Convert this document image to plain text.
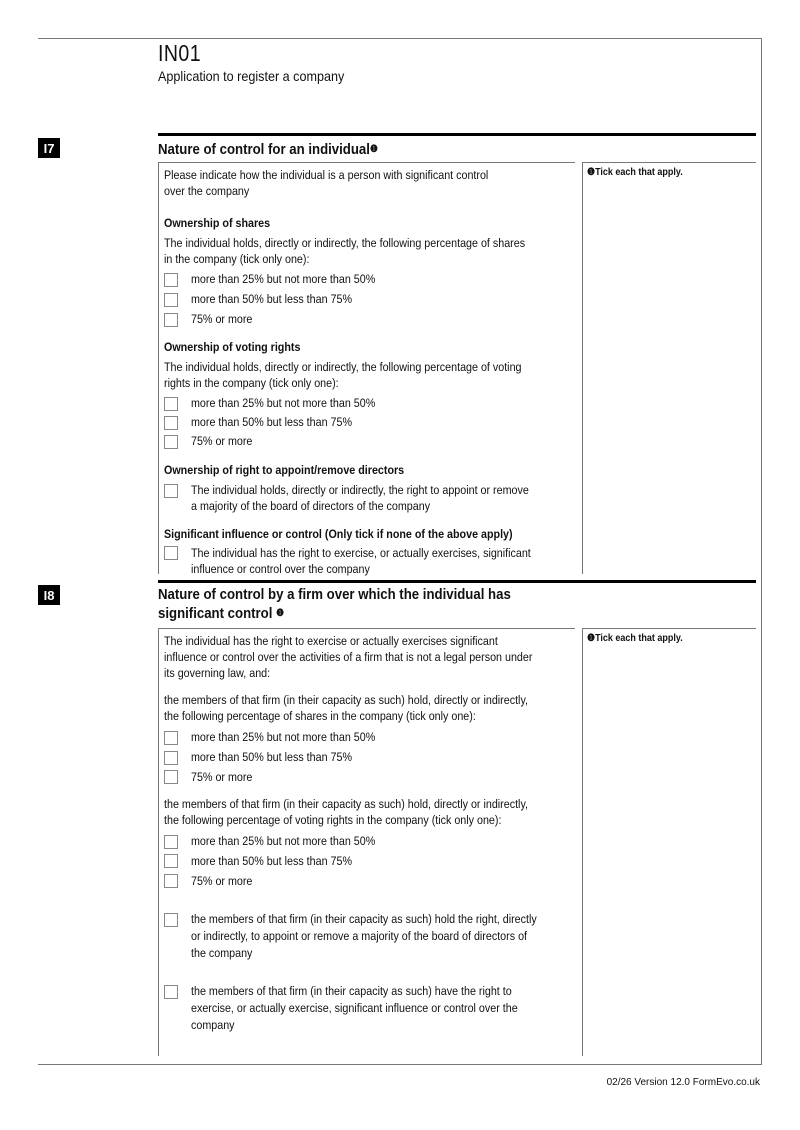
IN01
Application to register a company
I7	Nature of control for an individual$^❶$
❶Tick each that apply.
Please indicate how the individual is a person with significant control
over the company
Ownership of shares
The individual holds, directly or indirectly, the following percentage of shares
in the company (tick only one):
more than 25% but not more than 50%
more than 50% but less than 75%
75% or more
Ownership of voting rights
The individual holds, directly or indirectly, the following percentage of voting
rights in the company (tick only one):
more than 25% but not more than 50%
more than 50% but less than 75%
75% or more
Ownership of right to appoint/remove directors
The individual holds, directly or indirectly, the right to appoint or remove
a majority of the board of directors of the company
Significant influence or control (Only tick if none of the above apply)
The individual has the right to exercise, or actually exercises, significant
influence or control over the company
I8	Nature of control by a firm over which the individual has
significant control $^❶$
❶Tick each that apply.
The individual has the right to exercise or actually exercises significant
influence or control over the activities of a firm that is not a legal person under
its governing law, and:
the members of that firm (in their capacity as such) hold, directly or indirectly,
the following percentage of shares in the company (tick only one):
more than 25% but not more than 50%
more than 50% but less than 75%
75% or more
the members of that firm (in their capacity as such) hold, directly or indirectly,
the following percentage of voting rights in the company (tick only one):
more than 25% but not more than 50%
more than 50% but less than 75%
75% or more
the members of that firm (in their capacity as such) hold the right, directly
or indirectly, to appoint or remove a majority of the board of directors of
the company
the members of that firm (in their capacity as such) have the right to
exercise, or actually exercise, significant influence or control over the
company
02/26 Version 12.0 FormEvo.co.uk
